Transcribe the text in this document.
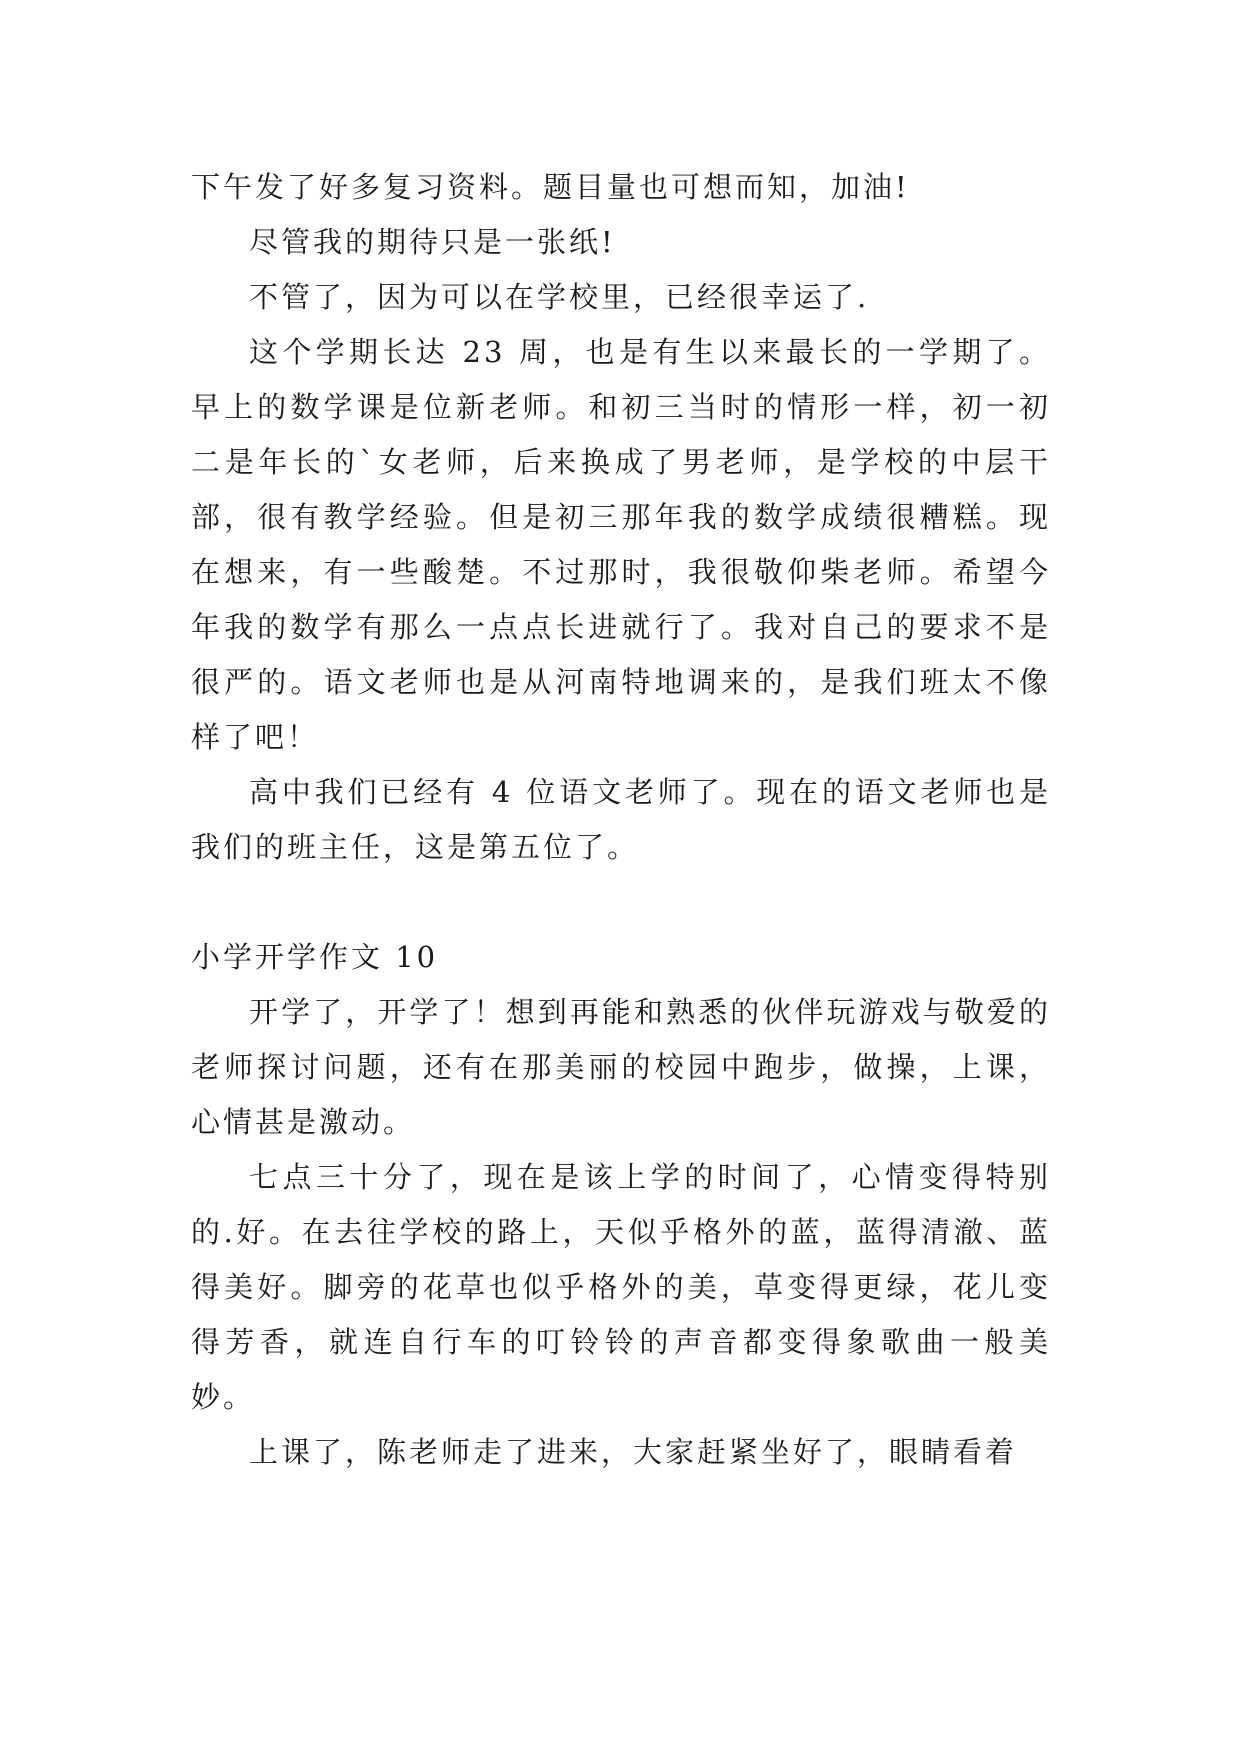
下午发了好多复习资料。题目量也可想而知，加油!

尽管我的期待只是一张纸!

不管了，因为可以在学校里，已经很幸运了.

这个学期长达 23 周，也是有生以来最长的一学期了。早上的数学课是位新老师。和初三当时的情形一样，初一初二是年长的`女老师，后来换成了男老师，是学校的中层干部，很有教学经验。但是初三那年我的数学成绩很糟糕。现在想来，有一些酸楚。不过那时，我很敬仰柴老师。希望今年我的数学有那么一点点长进就行了。我对自己的要求不是很严的。语文老师也是从河南特地调来的，是我们班太不像样了吧！

高中我们已经有 4 位语文老师了。现在的语文老师也是我们的班主任，这是第五位了。

小学开学作文 10

开学了，开学了！想到再能和熟悉的伙伴玩游戏与敬爱的老师探讨问题，还有在那美丽的校园中跑步，做操，上课，心情甚是激动。

七点三十分了，现在是该上学的时间了，心情变得特别的.好。在去往学校的路上，天似乎格外的蓝，蓝得清澈、蓝得美好。脚旁的花草也似乎格外的美，草变得更绿，花儿变得芳香，就连自行车的叮铃铃的声音都变得象歌曲一般美妙。

上课了，陈老师走了进来，大家赶紧坐好了，眼睛看着
